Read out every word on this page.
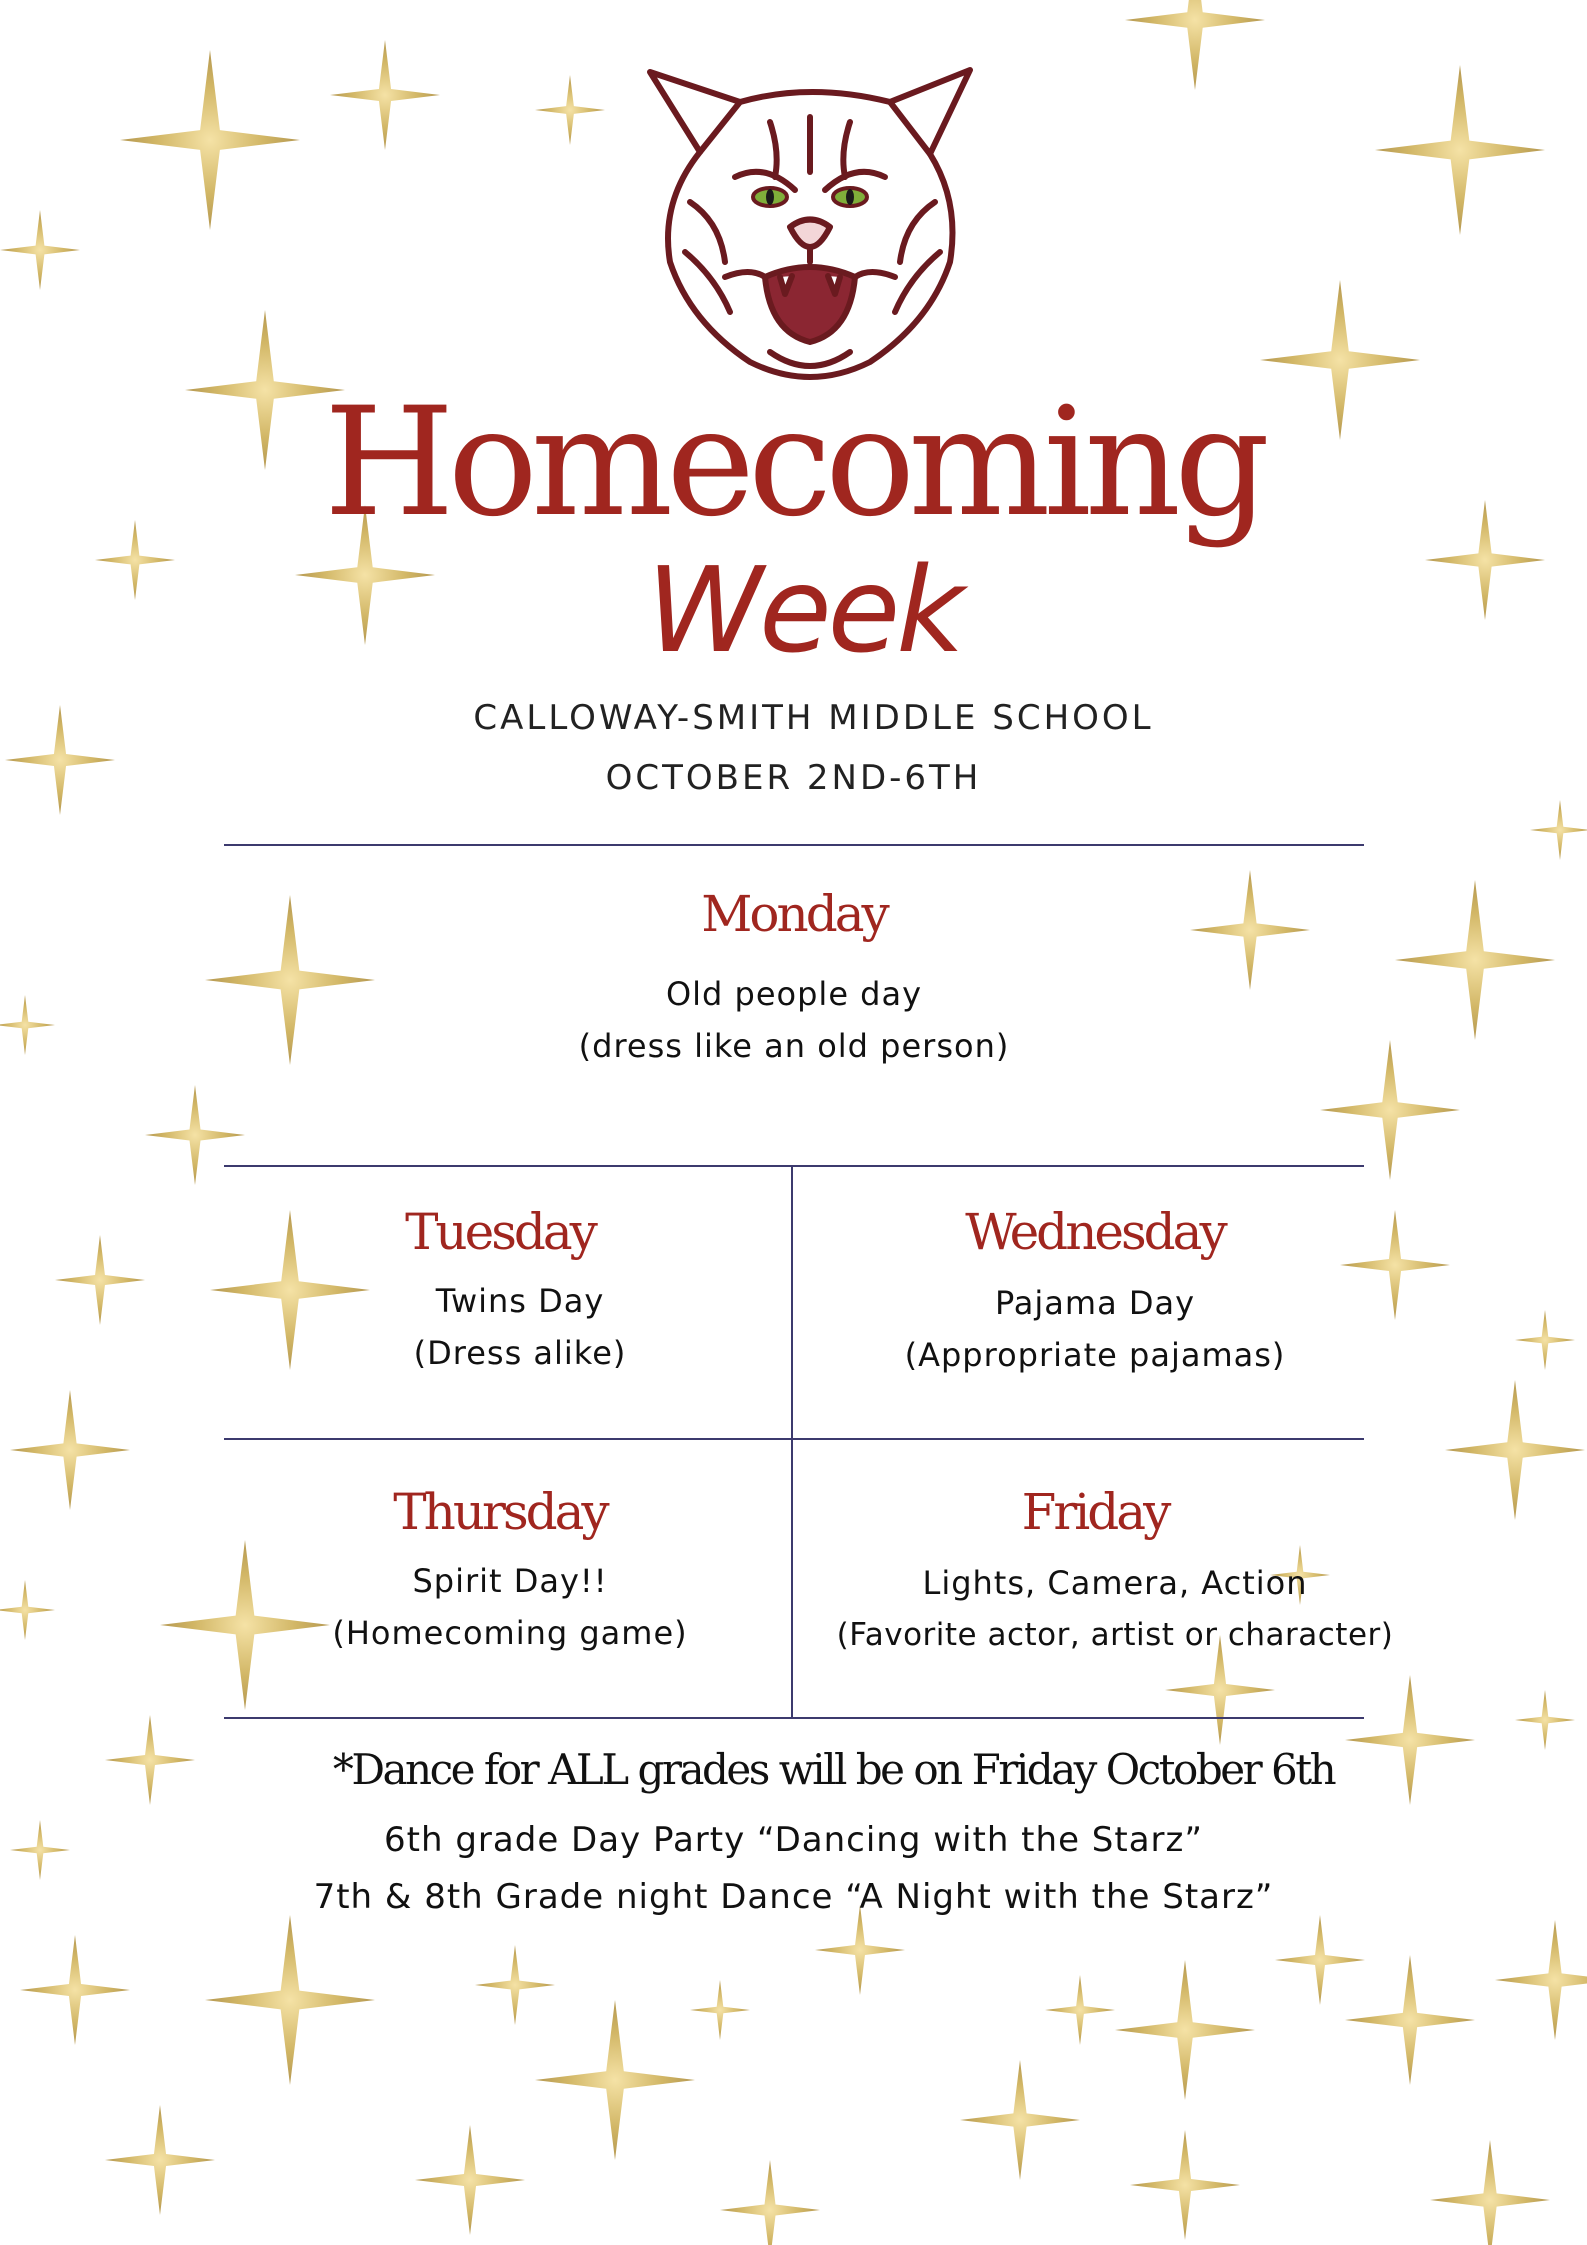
Homecoming
Week
CALLOWAY-SMITH MIDDLE SCHOOL
OCTOBER 2ND-6TH
Monday
Old people day
(dress like an old person)
Tuesday
Twins Day
(Dress alike)
Wednesday
Pajama Day
(Appropriate pajamas)
Thursday
Spirit Day!!
(Homecoming game)
Friday
Lights, Camera, Action
(Favorite actor, artist or character)
*Dance for ALL grades will be on Friday October 6th
6th grade Day Party “Dancing with the Starz”
7th & 8th Grade night Dance “A Night with the Starz”
